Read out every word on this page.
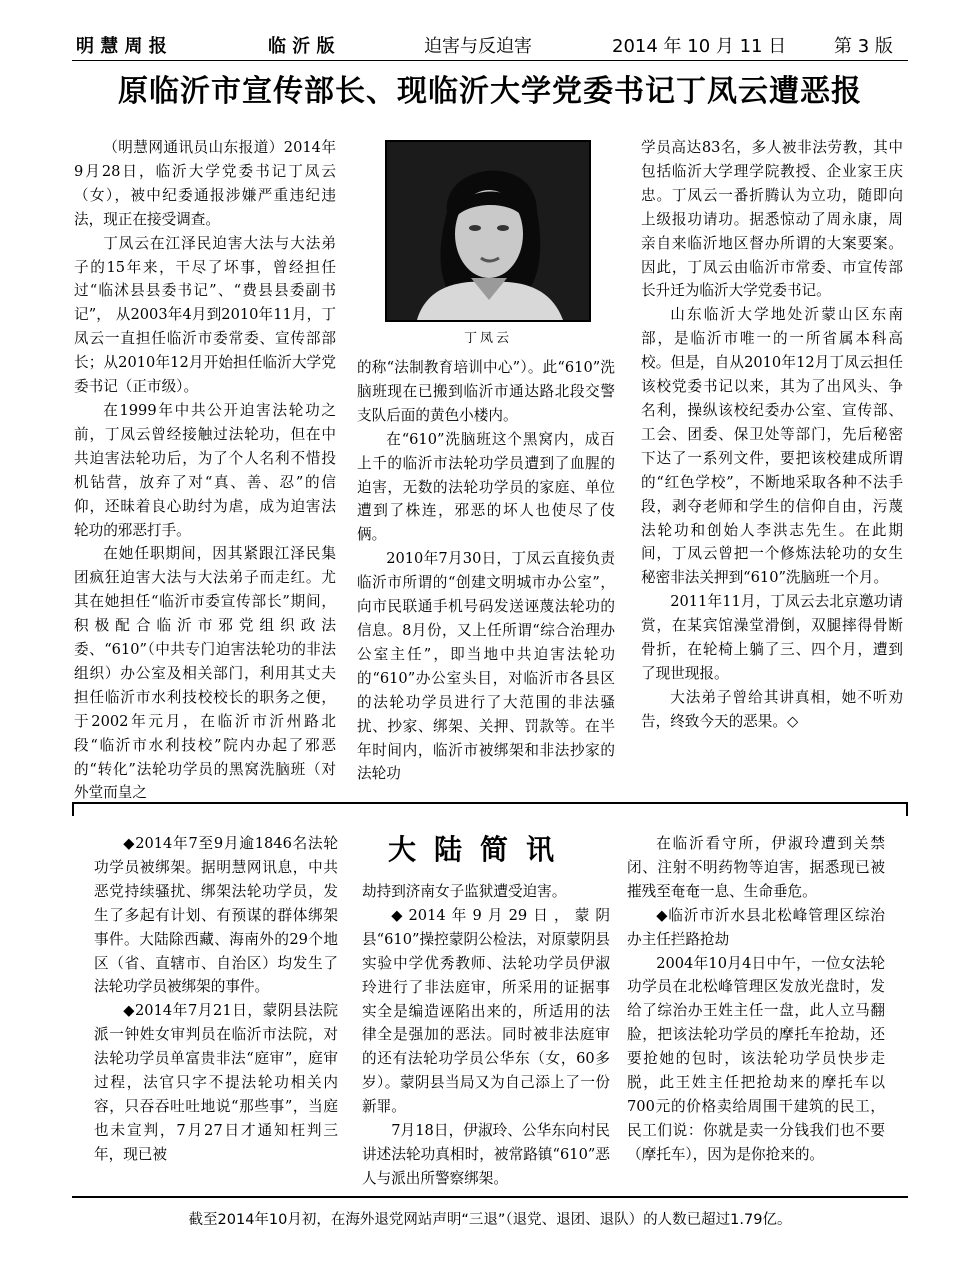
明 慧 周 报	临 沂 版	迫害与反迫害	2014 年 10 月 11 日	第 3 版
原临沂市宣传部长、现临沂大学党委书记丁凤云遭恶报

（明慧网通讯员山东报道）2014年9月28日，临沂大学党委书记丁凤云（女），被中纪委通报涉嫌严重违纪违法，现正在接受调查。

丁凤云在江泽民迫害大法与大法弟子的15年来，干尽了坏事，曾经担任过“临沭县县委书记”、“费县县委副书记”， 从2003年4月到2010年11月，丁凤云一直担任临沂市委常委、宣传部部长；从2010年12月开始担任临沂大学党委书记（正市级）。

在1999年中共公开迫害法轮功之前，丁凤云曾经接触过法轮功，但在中共迫害法轮功后，为了个人名利不惜投机钻营，放弃了对“真、善、忍”的信仰，还昧着良心助纣为虐，成为迫害法轮功的邪恶打手。

在她任职期间，因其紧跟江泽民集团疯狂迫害大法与大法弟子而走红。尤其在她担任“临沂市委宣传部长”期间，积极配合临沂市邪党组织政法委、“610”（中共专门迫害法轮功的非法组织）办公室及相关部门，利用其丈夫担任临沂市水利技校校长的职务之便，于2002年元月，在临沂市沂州路北段“临沂市水利技校”院内办起了邪恶的“转化”法轮功学员的黑窝洗脑班（对外堂而皇之

丁凤云

的称“法制教育培训中心”）。此“610”洗脑班现在已搬到临沂市通达路北段交警支队后面的黄色小楼内。

在“610”洗脑班这个黑窝内，成百上千的临沂市法轮功学员遭到了血腥的迫害，无数的法轮功学员的家庭、单位遭到了株连，邪恶的坏人也使尽了伎俩。

2010年7月30日，丁凤云直接负责临沂市所谓的“创建文明城市办公室”，向市民联通手机号码发送诬蔑法轮功的信息。8月份，又上任所谓“综合治理办公室主任”，即当地中共迫害法轮功的“610”办公室头目，对临沂市各县区的法轮功学员进行了大范围的非法骚扰、抄家、绑架、关押、罚款等。在半年时间内，临沂市被绑架和非法抄家的法轮功

学员高达83名，多人被非法劳教，其中包括临沂大学理学院教授、企业家王庆忠。丁凤云一番折腾认为立功，随即向上级报功请功。据悉惊动了周永康，周亲自来临沂地区督办所谓的大案要案。因此，丁凤云由临沂市常委、市宣传部长升迁为临沂大学党委书记。

山东临沂大学地处沂蒙山区东南部，是临沂市唯一的一所省属本科高校。但是，自从2010年12月丁凤云担任该校党委书记以来，其为了出风头、争名利，操纵该校纪委办公室、宣传部、工会、团委、保卫处等部门，先后秘密下达了一系列文件，要把该校建成所谓的“红色学校”，不断地采取各种不法手段，剥夺老师和学生的信仰自由，污蔑法轮功和创始人李洪志先生。在此期间，丁凤云曾把一个修炼法轮功的女生秘密非法关押到“610”洗脑班一个月。

2011年11月，丁凤云去北京邀功请赏，在某宾馆澡堂滑倒，双腿摔得骨断骨折，在轮椅上躺了三、四个月，遭到了现世现报。

大法弟子曾给其讲真相，她不听劝告，终致今天的恶果。◇

大陆简讯

◆2014年7至9月逾1846名法轮功学员被绑架。据明慧网讯息，中共恶党持续骚扰、绑架法轮功学员，发生了多起有计划、有预谋的群体绑架事件。大陆除西藏、海南外的29个地区（省、直辖市、自治区）均发生了法轮功学员被绑架的事件。

◆2014年7月21日，蒙阴县法院派一钟姓女审判员在临沂市法院，对法轮功学员单富贵非法“庭审”，庭审过程，法官只字不提法轮功相关内容，只吞吞吐吐地说“那些事”，当庭也未宣判，7月27日才通知枉判三年，现已被

劫持到济南女子监狱遭受迫害。

◆2014年9月29日，蒙阴县“610”操控蒙阴公检法，对原蒙阴县实验中学优秀教师、法轮功学员伊淑玲进行了非法庭审，所采用的证据事实全是编造诬陷出来的，所适用的法律全是强加的恶法。同时被非法庭审的还有法轮功学员公华东（女，60多岁）。蒙阴县当局又为自己添上了一份新罪。

7月18日，伊淑玲、公华东向村民讲述法轮功真相时，被常路镇“610”恶人与派出所警察绑架。

在临沂看守所，伊淑玲遭到关禁闭、注射不明药物等迫害，据悉现已被摧残至奄奄一息、生命垂危。

◆临沂市沂水县北松峰管理区综治办主任拦路抢劫

2004年10月4日中午，一位女法轮功学员在北松峰管理区发放光盘时，发给了综治办王姓主任一盘，此人立马翻脸，把该法轮功学员的摩托车抢劫，还要抢她的包时，该法轮功学员快步走脱，此王姓主任把抢劫来的摩托车以700元的价格卖给周围干建筑的民工，民工们说：你就是卖一分钱我们也不要（摩托车），因为是你抢来的。

截至2014年10月初，在海外退党网站声明“三退”（退党、退团、退队）的人数已超过1.79亿。
